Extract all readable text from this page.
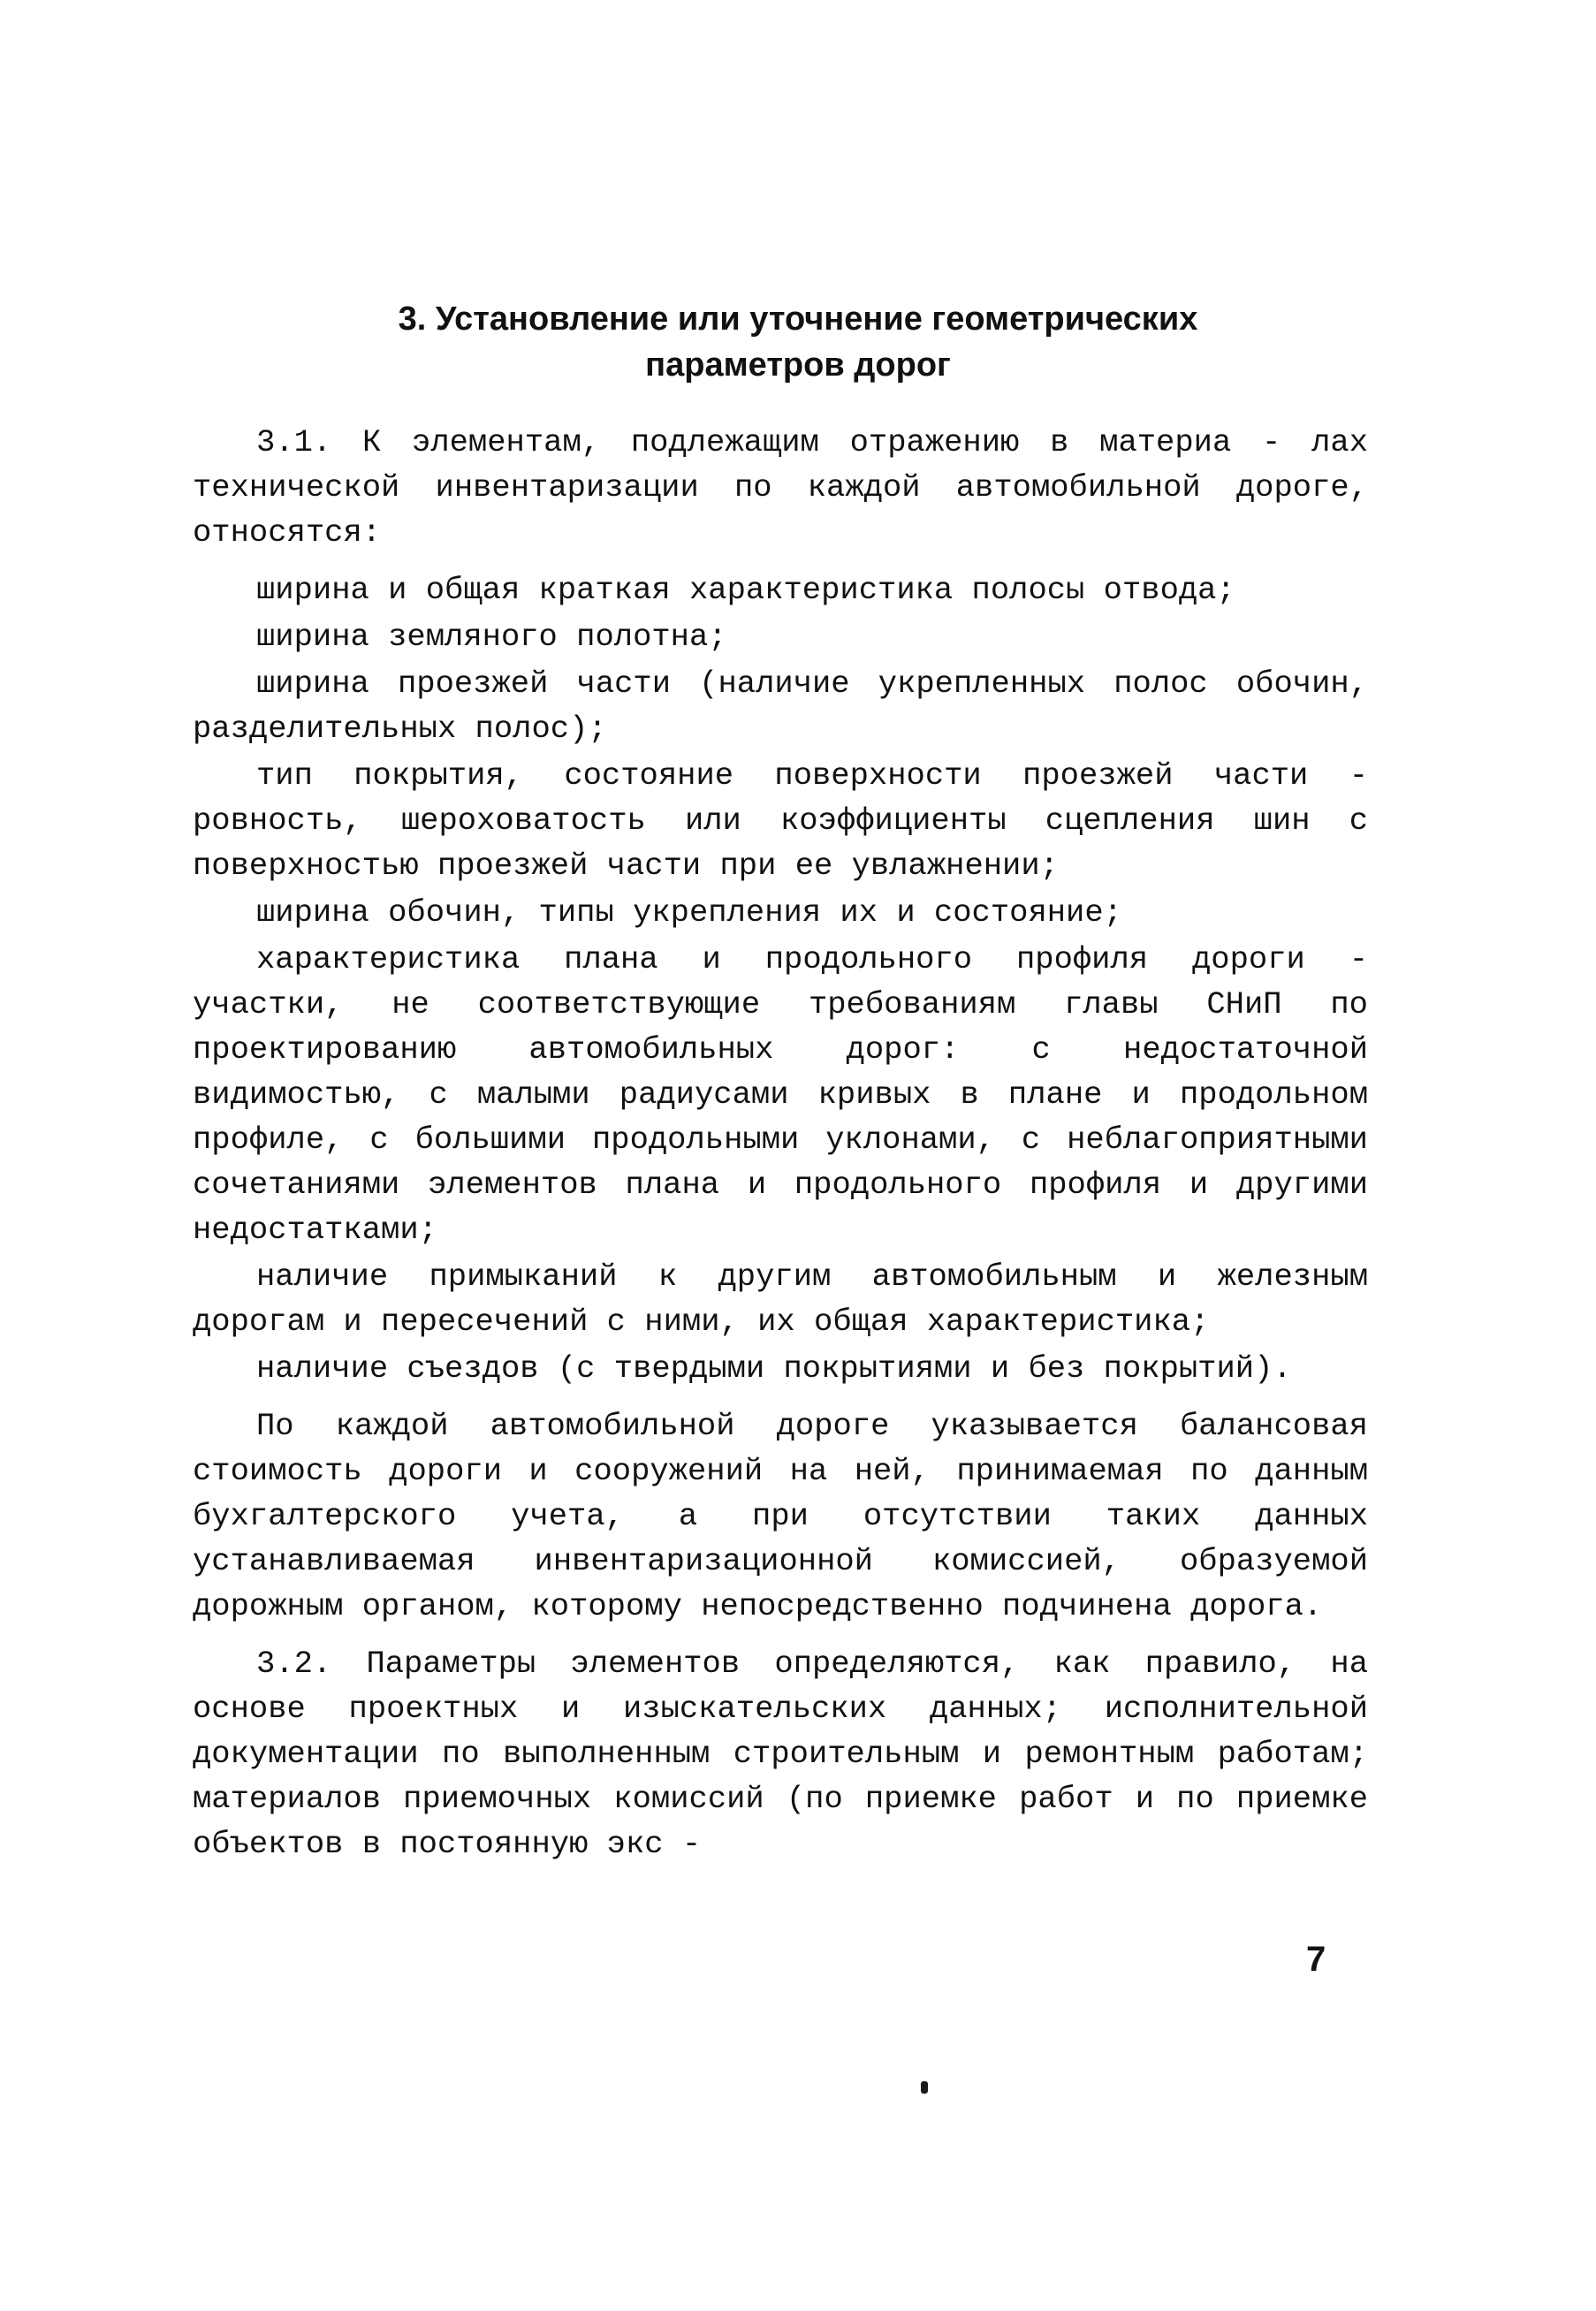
3. Установление или уточнение геометрических
параметров дорог

3.1. К элементам, подлежащим отражению в материа - лах технической инвентаризации по каждой автомобильной дороге, относятся:

ширина и общая краткая характеристика полосы отвода;

ширина земляного полотна;

ширина проезжей части (наличие укрепленных полос обочин, разделительных полос);

тип покрытия, состояние поверхности проезжей части - ровность, шероховатость или коэффициенты сцепления шин с поверхностью проезжей части при ее увлажнении;

ширина обочин, типы укрепления их и состояние;

характеристика плана и продольного профиля дороги - участки, не соответствующие требованиям главы СНиП по проектированию автомобильных дорог: с недостаточной видимостью, с малыми радиусами кривых в плане и продольном профиле, с большими продольными уклонами, с неблагоприятными сочетаниями элементов плана и продольного профиля и другими недостатками;

наличие примыканий к другим автомобильным и железным дорогам и пересечений с ними, их общая характеристика;

наличие съездов (с твердыми покрытиями и без покрытий).

По каждой автомобильной дороге указывается балансовая стоимость дороги и сооружений на ней, принимаемая по данным бухгалтерского учета, а при отсутствии таких данных устанавливаемая инвентаризационной комиссией, образуемой дорожным органом, которому непосредственно подчинена дорога.

3.2. Параметры элементов определяются, как правило, на основе проектных и изыскательских данных; исполнительной документации по выполненным строительным и ремонтным работам; материалов приемочных комиссий (по приемке работ и по приемке объектов в постоянную экс -

7
